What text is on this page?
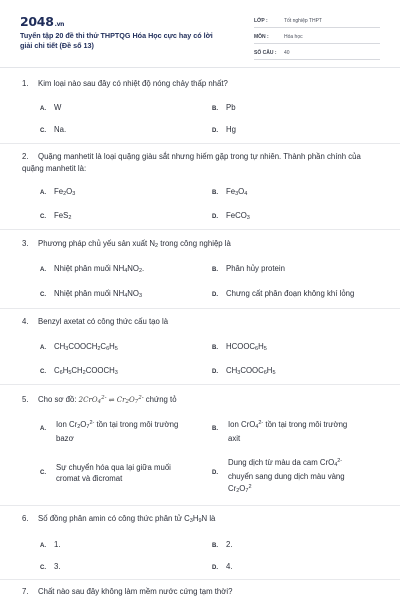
2048.vn
Tuyển tập 20 đề thi thử THPTQG Hóa Học cực hay có lời giải chi tiết (Đề số 13)
LỚP :	Tốt nghiệp THPT
MÔN :	Hóa học
SỐ CÂU :	40
1. Kim loại nào sau đây có nhiệt độ nóng chảy thấp nhất?
A. W	B. Pb
C. Na.	D. Hg
2. Quặng manhetit là loại quặng giàu sắt nhưng hiếm gặp trong tự nhiên. Thành phần chính của quặng manhetit là:
A. $Fe_2O_3$	B. $Fe_3O_4$
C. FeS$_2$	D. FeCO$_3$
3. Phương pháp chủ yếu sản xuất $N_2$ trong công nghiệp là
A. Nhiệt phân muối $NH_4NO_2$.	B. Phân hủy protein
C. Nhiệt phân muối $NH_4NO_3$	D. Chưng cất phân đoạn không khí lỏng
4. Benzyl axetat có công thức cấu tạo là
A. $CH_3COOCH_2C_6H_5$	B. $HCOOC_6H_5$
C. $C_6H_5CH_2COOCH_3$	D. $CH_3COOC_6H_5$
5. Cho sơ đồ: 2CrO$_4^{2-}$ ⇌ $Cr_2O_7^{2-}$ chứng tỏ
A. Ion $Cr_2O_7^{2-}$ tồn tại trong môi trường
bazơ
B. Ion CrO$_4^{2-}$ tồn tại trong môi trường
axit
C.
Sự chuyển hóa qua lại giữa muối
cromat và đicromat
D.
Dung dịch từ màu da cam CrO$_4^{2-}$
chuyển sang dung dịch màu vàng
$Cr_2O_7^2$
6. Số đồng phân amin có công thức phân tử $C_3H_9N$ là
A. 1.	B. 2.
C. 3.	D. 4.
7. Chất nào sau đây không làm mềm nước cứng tạm thời?
